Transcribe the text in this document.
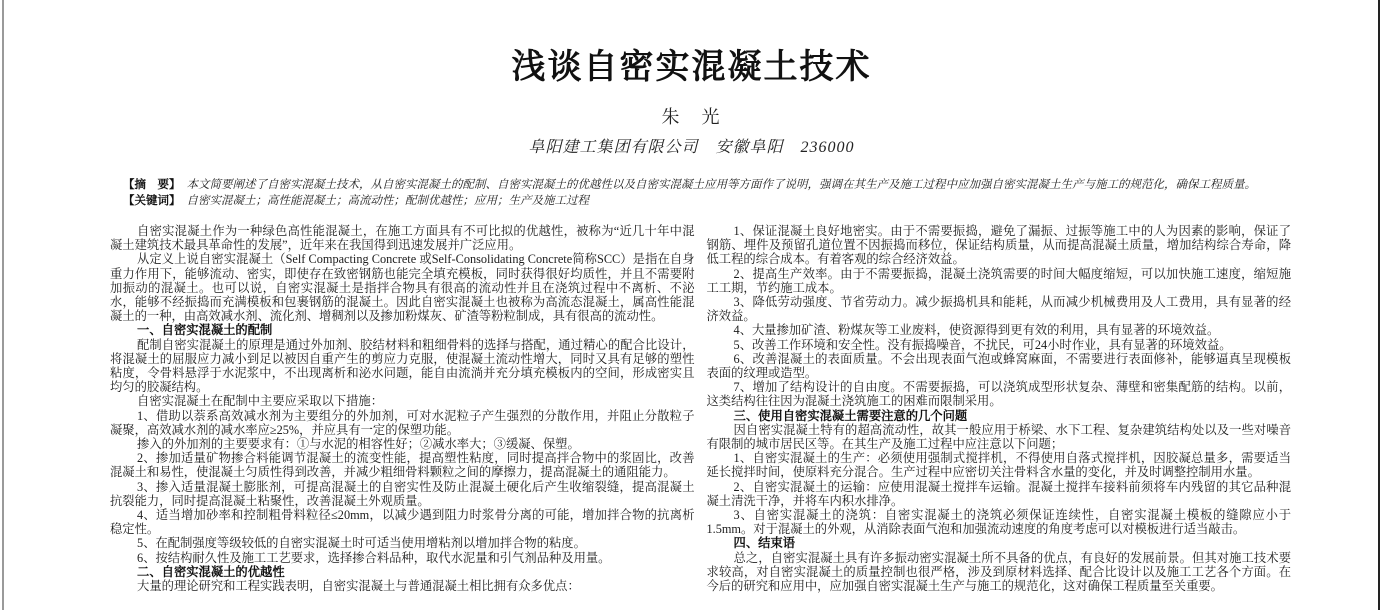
浅谈自密实混凝土技术
朱　光
阜阳建工集团有限公司　安徽阜阳　236000
【摘　要】 本文简要阐述了自密实混凝土技术，从自密实混凝土的配制、自密实混凝土的优越性以及自密实混凝土应用等方面作了说明，强调在其生产及施工过程中应加强自密实混凝土生产与施工的规范化，确保工程质量。
【关键词】 自密实混凝土；高性能混凝土；高流动性；配制优越性；应用；生产及施工过程

自密实混凝土作为一种绿色高性能混凝土，在施工方面具有不可比拟的优越性，被称为“近几十年中混凝土建筑技术最具革命性的发展”，近年来在我国得到迅速发展并广泛应用。

从定义上说自密实混凝土（Self Compacting Concrete 或Self-Consolidating Concrete简称SCC）是指在自身重力作用下，能够流动、密实，即使存在致密钢筋也能完全填充模板，同时获得很好均质性，并且不需要附加振动的混凝土。也可以说，自密实混凝土是指拌合物具有很高的流动性并且在浇筑过程中不离析、不泌水，能够不经振捣而充满模板和包裹钢筋的混凝土。因此自密实混凝土也被称为高流态混凝土，属高性能混凝土的一种，由高效减水剂、流化剂、增稠剂以及掺加粉煤灰、矿渣等粉粒制成，具有很高的流动性。

一、自密实混凝土的配制

配制自密实混凝土的原理是通过外加剂、胶结材料和粗细骨料的选择与搭配，通过精心的配合比设计，将混凝土的屈服应力减小到足以被因自重产生的剪应力克服，使混凝土流动性增大，同时又具有足够的塑性粘度，令骨料悬浮于水泥浆中，不出现离析和泌水问题，能自由流淌并充分填充模板内的空间，形成密实且均匀的胶凝结构。

自密实混凝土在配制中主要应采取以下措施：

1、借助以萘系高效减水剂为主要组分的外加剂，可对水泥粒子产生强烈的分散作用，并阻止分散粒子凝聚，高效减水剂的减水率应≥25%，并应具有一定的保塑功能。

掺入的外加剂的主要要求有：①与水泥的相容性好；②减水率大；③缓凝、保塑。

2、掺加适量矿物掺合料能调节混凝土的流变性能，提高塑性粘度，同时提高拌合物中的浆固比，改善混凝土和易性，使混凝土匀质性得到改善，并减少粗细骨料颗粒之间的摩擦力，提高混凝土的通阻能力。

3、掺入适量混凝土膨胀剂，可提高混凝土的自密实性及防止混凝土硬化后产生收缩裂缝，提高混凝土抗裂能力，同时提高混凝土粘聚性，改善混凝土外观质量。

4、适当增加砂率和控制粗骨料粒径≤20mm，以减少遇到阻力时浆骨分离的可能，增加拌合物的抗离析稳定性。

5、在配制强度等级较低的自密实混凝土时可适当使用增粘剂以增加拌合物的粘度。

6、按结构耐久性及施工工艺要求，选择掺合料品种，取代水泥量和引气剂品种及用量。

二、自密实混凝土的优越性

大量的理论研究和工程实践表明，自密实混凝土与普通混凝土相比拥有众多优点：

1、保证混凝土良好地密实。由于不需要振捣，避免了漏振、过振等施工中的人为因素的影响，保证了钢筋、埋件及预留孔道位置不因振捣而移位，保证结构质量，从而提高混凝土质量，增加结构综合寿命，降低工程的综合成本。有着客观的综合经济效益。

2、提高生产效率。由于不需要振捣，混凝土浇筑需要的时间大幅度缩短，可以加快施工速度，缩短施工工期，节约施工成本。

3、降低劳动强度、节省劳动力。减少振捣机具和能耗，从而减少机械费用及人工费用，具有显著的经济效益。

4、大量掺加矿渣、粉煤灰等工业废料，使资源得到更有效的利用，具有显著的环境效益。

5、改善工作环境和安全性。没有振捣噪音，不扰民，可24小时作业，具有显著的环境效益。

6、改善混凝土的表面质量。不会出现表面气泡或蜂窝麻面，不需要进行表面修补，能够逼真呈现模板表面的纹理或造型。

7、增加了结构设计的自由度。不需要振捣，可以浇筑成型形状复杂、薄壁和密集配筋的结构。以前，这类结构往往因为混凝土浇筑施工的困难而限制采用。

三、使用自密实混凝土需要注意的几个问题

因自密实混凝土特有的超高流动性，故其一般应用于桥梁、水下工程、复杂建筑结构处以及一些对噪音有限制的城市居民区等。在其生产及施工过程中应注意以下问题；

1、自密实混凝土的生产：必须使用强制式搅拌机，不得使用自落式搅拌机，因胶凝总量多，需要适当延长搅拌时间，使原料充分混合。生产过程中应密切关注骨料含水量的变化，并及时调整控制用水量。

2、自密实混凝土的运输：应使用混凝土搅拌车运输。混凝土搅拌车接料前须将车内残留的其它品种混凝土清洗干净，并将车内积水排净。

3、自密实混凝土的浇筑：自密实混凝土的浇筑必须保证连续性，自密实混凝土模板的缝隙应小于1.5mm。对于混凝土的外观，从消除表面气泡和加强流动速度的角度考虑可以对模板进行适当敲击。

四、结束语

总之，自密实混凝土具有许多振动密实混凝土所不具备的优点，有良好的发展前景。但其对施工技术要求较高，对自密实混凝土的质量控制也很严格，涉及到原材料选择、配合比设计以及施工工艺各个方面。在今后的研究和应用中，应加强自密实混凝土生产与施工的规范化，这对确保工程质量至关重要。
